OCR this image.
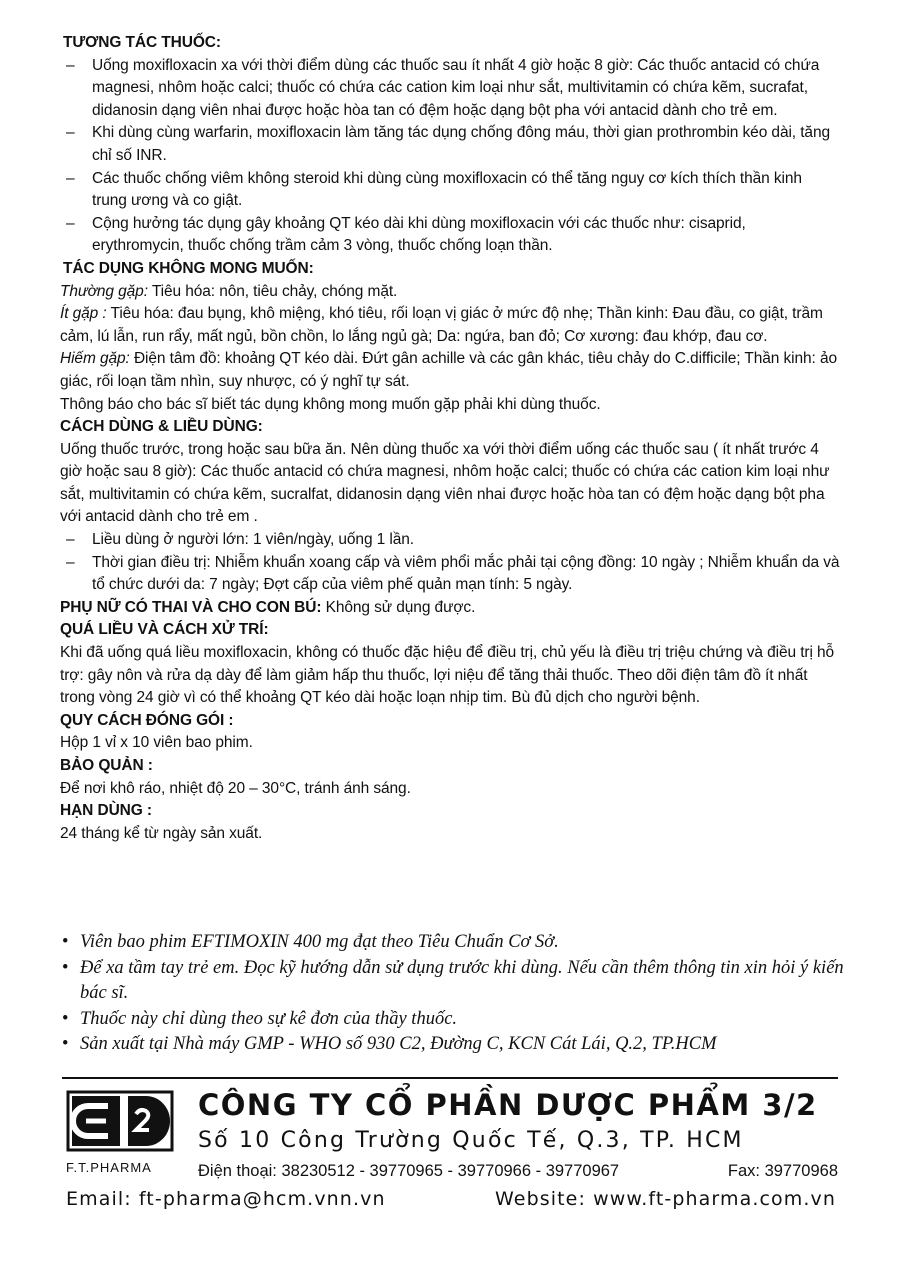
TƯƠNG TÁC THUỐC:
– Uống moxifloxacin xa với thời điểm dùng các thuốc sau ít nhất 4 giờ hoặc 8 giờ: Các thuốc antacid có chứa magnesi, nhôm hoặc calci; thuốc có chứa các cation kim loại như sắt, multivitamin có chứa kẽm, sucrafat, didanosin dạng viên nhai được hoặc hòa tan có đệm hoặc dạng bột pha với antacid dành cho trẻ em.
– Khi dùng cùng warfarin, moxifloxacin làm tăng tác dụng chống đông máu, thời gian prothrombin kéo dài, tăng chỉ số INR.
– Các thuốc chống viêm không steroid khi dùng cùng moxifloxacin có thể tăng nguy cơ kích thích thần kinh trung ương và co giật.
– Cộng hưởng tác dụng gây khoảng QT kéo dài khi dùng moxifloxacin với các thuốc như: cisaprid, erythromycin, thuốc chống trầm cảm 3 vòng, thuốc chống loạn thần.
TÁC DỤNG KHÔNG MONG MUỐN:

Thường gặp: Tiêu hóa: nôn, tiêu chảy, chóng mặt.

Ít gặp : Tiêu hóa: đau bụng, khô miệng, khó tiêu, rối loạn vị giác ở mức độ nhẹ; Thần kinh: Đau đầu, co giật, trầm cảm, lú lẫn, run rẩy, mất ngủ, bồn chồn, lo lắng ngủ gà; Da: ngứa, ban đỏ; Cơ xương: đau khớp, đau cơ.

Hiếm gặp: Điện tâm đồ: khoảng QT kéo dài. Đứt gân achille và các gân khác, tiêu chảy do C.difficile; Thần kinh: ảo giác, rối loạn tầm nhìn, suy nhược, có ý nghĩ tự sát.

Thông báo cho bác sĩ biết tác dụng không mong muốn gặp phải khi dùng thuốc.

CÁCH DÙNG & LIỀU DÙNG:

Uống thuốc trước, trong hoặc sau bữa ăn. Nên dùng thuốc xa với thời điểm uống các thuốc sau ( ít nhất trước 4 giờ hoặc sau 8 giờ): Các thuốc antacid có chứa magnesi, nhôm hoặc calci; thuốc có chứa các cation kim loại như sắt, multivitamin có chứa kẽm, sucralfat, didanosin dạng viên nhai được hoặc hòa tan có đệm hoặc dạng bột pha với antacid dành cho trẻ em .

– Liều dùng ở người lớn: 1 viên/ngày, uống 1 lần.
– Thời gian điều trị: Nhiễm khuẩn xoang cấp và viêm phổi mắc phải tại cộng đồng: 10 ngày ; Nhiễm khuẩn da và tổ chức dưới da: 7 ngày; Đợt cấp của viêm phế quản mạn tính: 5 ngày.

PHỤ NỮ CÓ THAI VÀ CHO CON BÚ: Không sử dụng được.

QUÁ LIỀU VÀ CÁCH XỬ TRÍ:

Khi đã uống quá liều moxifloxacin, không có thuốc đặc hiệu để điều trị, chủ yếu là điều trị triệu chứng và điều trị hỗ trợ: gây nôn và rửa dạ dày để làm giảm hấp thu thuốc, lợi niệu để tăng thải thuốc. Theo dõi điện tâm đồ ít nhất trong vòng 24 giờ vì có thể khoảng QT kéo dài hoặc loạn nhịp tim. Bù đủ dịch cho người bệnh.

QUY CÁCH ĐÓNG GÓI :

Hộp 1 vỉ x 10 viên bao phim.

BẢO QUẢN :

Để nơi khô ráo, nhiệt độ 20 – 30°C, tránh ánh sáng.

HẠN DÙNG :

24 tháng kể từ ngày sản xuất.

• Viên bao phim EFTIMOXIN 400 mg đạt theo Tiêu Chuẩn Cơ Sở.
• Để xa tầm tay trẻ em. Đọc kỹ hướng dẫn sử dụng trước khi dùng. Nếu cần thêm thông tin xin hỏi ý kiến bác sĩ.
• Thuốc này chỉ dùng theo sự kê đơn của thầy thuốc.
• Sản xuất tại Nhà máy GMP - WHO số 930 C2, Đường C, KCN Cát Lái, Q.2, TP.HCM
F.T.PHARMA
CÔNG TY CỔ PHẦN DƯỢC PHẨM 3/2
Số 10 Công Trường Quốc Tế, Q.3, TP. HCM
Điện thoại: 38230512 - 39770965 - 39770966 - 39770967	Fax: 39770968
Email: ft-pharma@hcm.vnn.vn	Website: www.ft-pharma.com.vn
